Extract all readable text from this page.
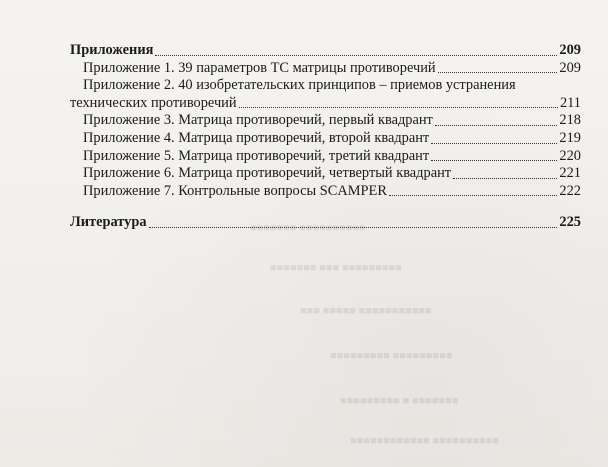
■■■■■■■■■■ ■■■■■■■
■■■■■■■■■ ■■■ ■■■■■■■
■■■■■■■■■■■ ■■■■■ ■■■
■■■■■■■■■ ■■■■■■■■■
■■■■■■■ ■ ■■■■■■■■■
■■■■■■■■■■ ■■■■■■■■■■■■
Приложения	209
Приложение 1. 39 параметров ТС матрицы противоречий	209
Приложение 2. 40 изобретательских принципов – приемов устранения
технических противоречий	211
Приложение 3. Матрица противоречий, первый квадрант	218
Приложение 4. Матрица противоречий, второй квадрант	219
Приложение 5. Матрица противоречий, третий квадрант	220
Приложение 6. Матрица противоречий, четвертый квадрант	221
Приложение 7. Контрольные вопросы SCAMPER	222
Литература	225
